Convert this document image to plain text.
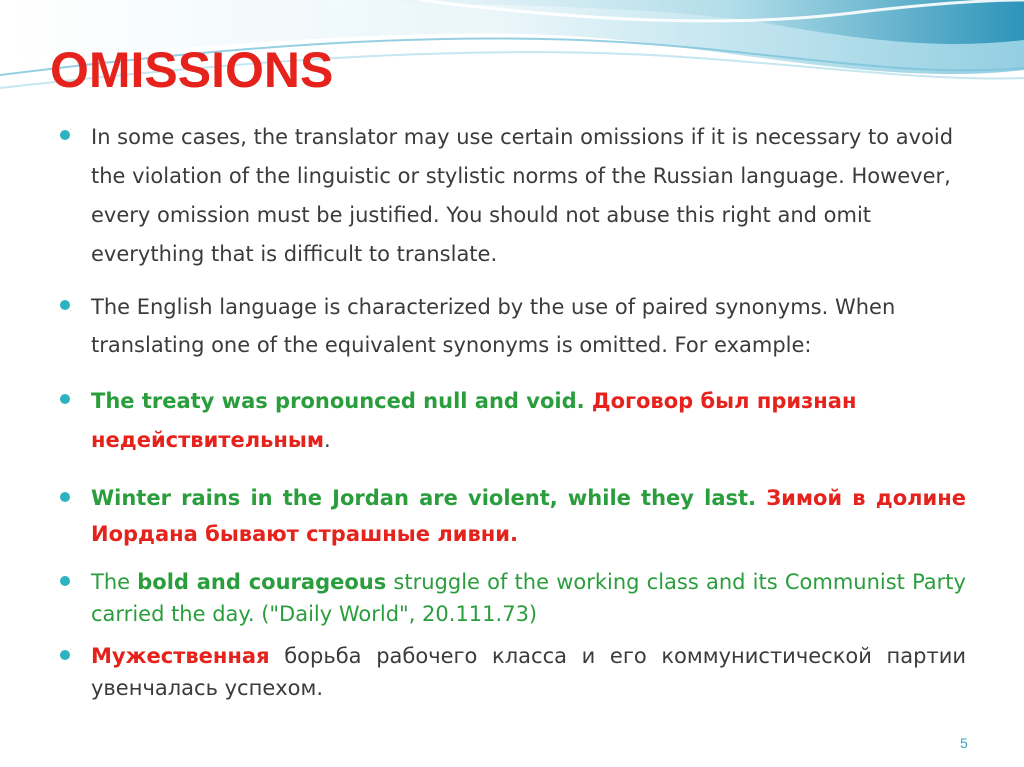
OMISSIONS
In some cases, the translator may use certain omissions if it is necessary to avoid the violation of the linguistic or stylistic norms of the Russian language. However, every omission must be justified. You should not abuse this right and omit everything that is difficult to translate.
The English language is characterized by the use of paired synonyms. When translating one of the equivalent synonyms is omitted. For example:
The treaty was pronounced null and void. Договор был признан недействительным.
Winter rains in the Jordan are violent, while they last. Зимой в долине Иордана бывают страшные ливни.
The bold and courageous struggle of the working class and its Communist Party carried the day. ("Daily World", 20.111.73)
Мужественная борьба рабочего класса и его коммунистической партии увенчалась успехом.
5
